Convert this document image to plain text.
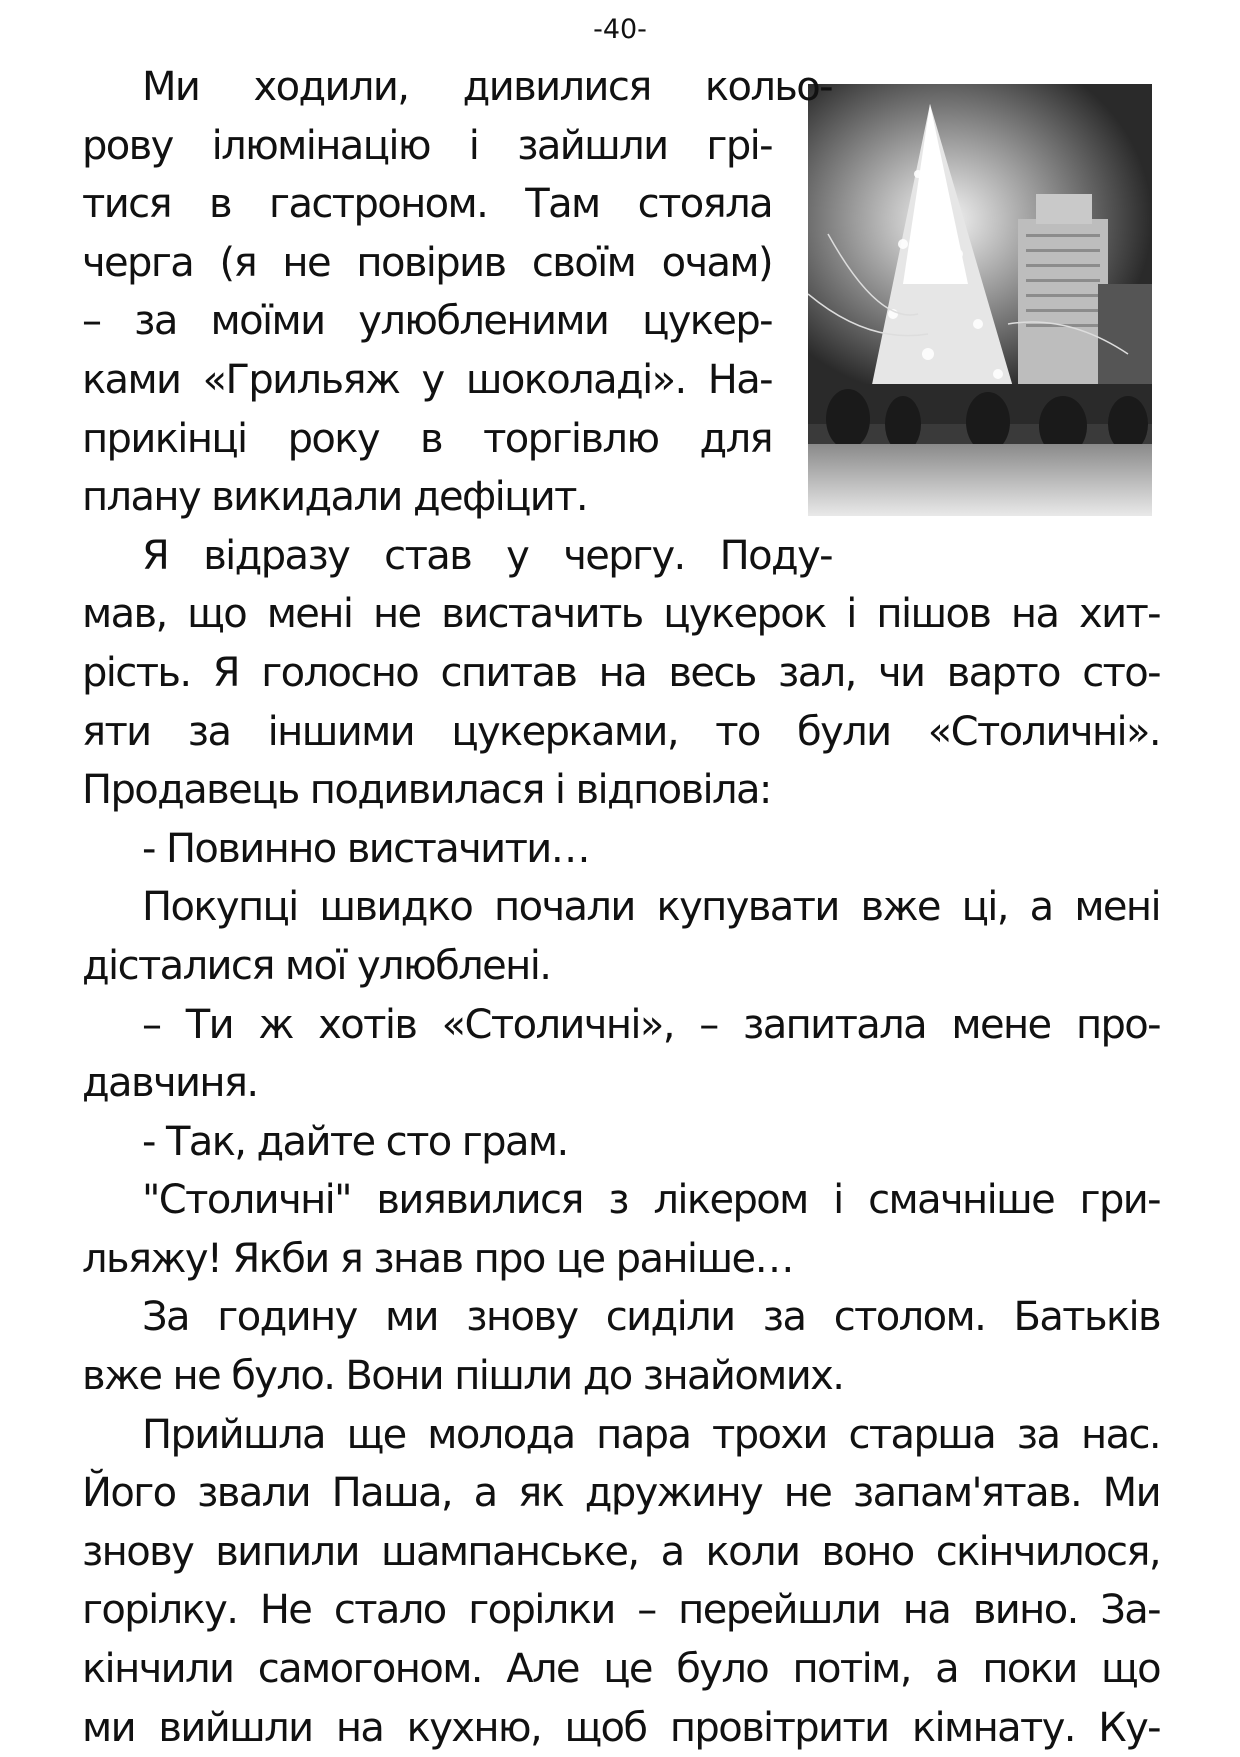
-40-
Ми ходили, дивилися кольо-
рову ілюмінацію і зайшли грі-
тися в гастроном. Там стояла
черга (я не повірив своїм очам)
– за моїми улюбленими цукер-
ками «Грильяж у шоколаді». На-
прикінці року в торгівлю для
плану викидали дефіцит.
Я відразу став у чергу. Поду-
мав, що мені не вистачить цукерок і пішов на хит-
рість. Я голосно спитав на весь зал, чи варто сто-
яти за іншими цукерками, то були «Столичні».
Продавець подивилася і відповіла:
- Повинно вистачити…
Покупці швидко почали купувати вже ці, а мені
дісталися мої улюблені.
– Ти ж хотів «Столичні», – запитала мене про-
давчиня.
- Так, дайте сто грам.
"Столичні" виявилися з лікером і смачніше гри-
льяжу! Якби я знав про це раніше…
За годину ми знову сиділи за столом. Батьків
вже не було. Вони пішли до знайомих.
Прийшла ще молода пара трохи старша за нас.
Його звали Паша, а як дружину не запам'ятав. Ми
знову випили шампанське, а коли воно скінчилося,
горілку. Не стало горілки – перейшли на вино. За-
кінчили самогоном. Але це було потім, а поки що
ми вийшли на кухню, щоб провітрити кімнату. Ку-
